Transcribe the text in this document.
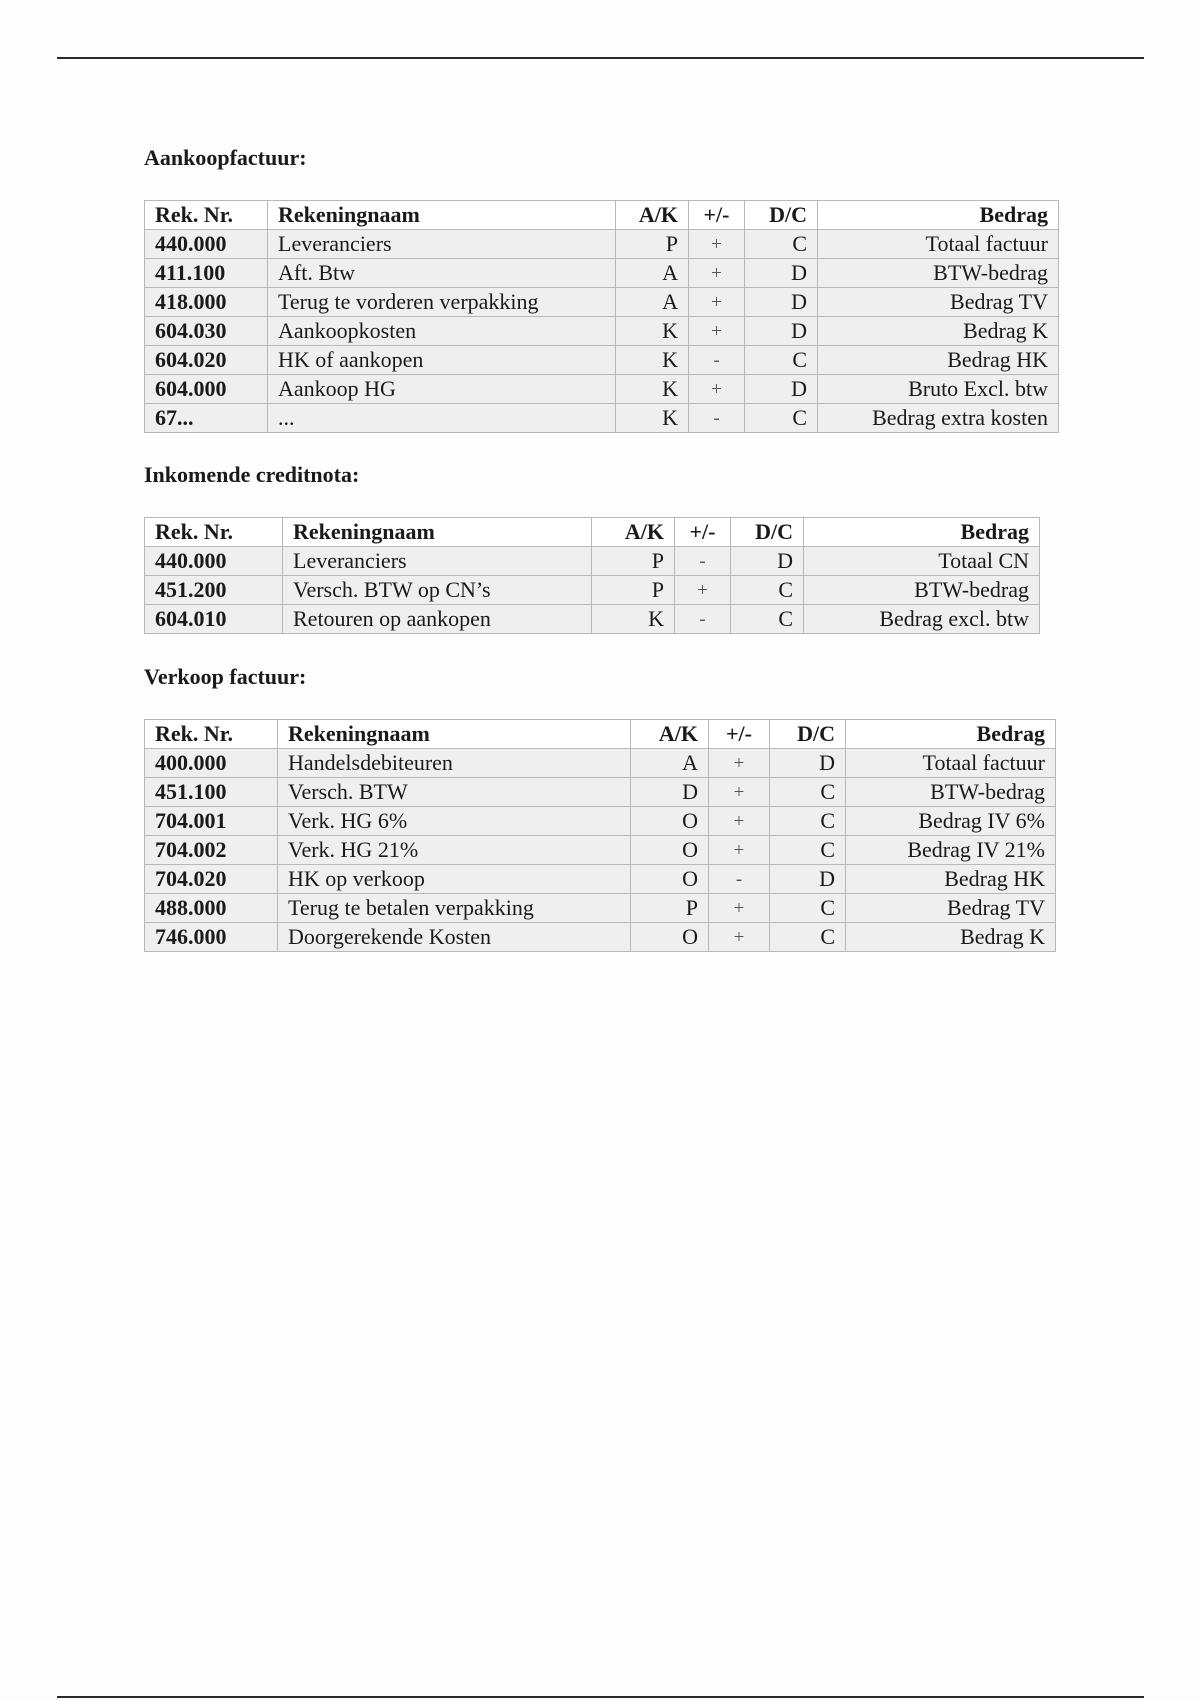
Aankoopfactuur:
Rek. Nr.	Rekeningnaam	A/K	+/-	D/C	Bedrag
440.000	Leveranciers	P	+	C	Totaal factuur
411.100	Aft. Btw	A	+	D	BTW-bedrag
418.000	Terug te vorderen verpakking	A	+	D	Bedrag TV
604.030	Aankoopkosten	K	+	D	Bedrag K
604.020	HK of aankopen	K	-	C	Bedrag HK
604.000	Aankoop HG	K	+	D	Bruto Excl. btw
67...	...	K	-	C	Bedrag extra kosten
Inkomende creditnota:
Rek. Nr.	Rekeningnaam	A/K	+/-	D/C	Bedrag
440.000	Leveranciers	P	-	D	Totaal CN
451.200	Versch. BTW op CN’s	P	+	C	BTW-bedrag
604.010	Retouren op aankopen	K	-	C	Bedrag excl. btw
Verkoop factuur:
Rek. Nr.	Rekeningnaam	A/K	+/-	D/C	Bedrag
400.000	Handelsdebiteuren	A	+	D	Totaal factuur
451.100	Versch. BTW	D	+	C	BTW-bedrag
704.001	Verk. HG 6%	O	+	C	Bedrag IV 6%
704.002	Verk. HG 21%	O	+	C	Bedrag IV 21%
704.020	HK op verkoop	O	-	D	Bedrag HK
488.000	Terug te betalen verpakking	P	+	C	Bedrag TV
746.000	Doorgerekende Kosten	O	+	C	Bedrag K
